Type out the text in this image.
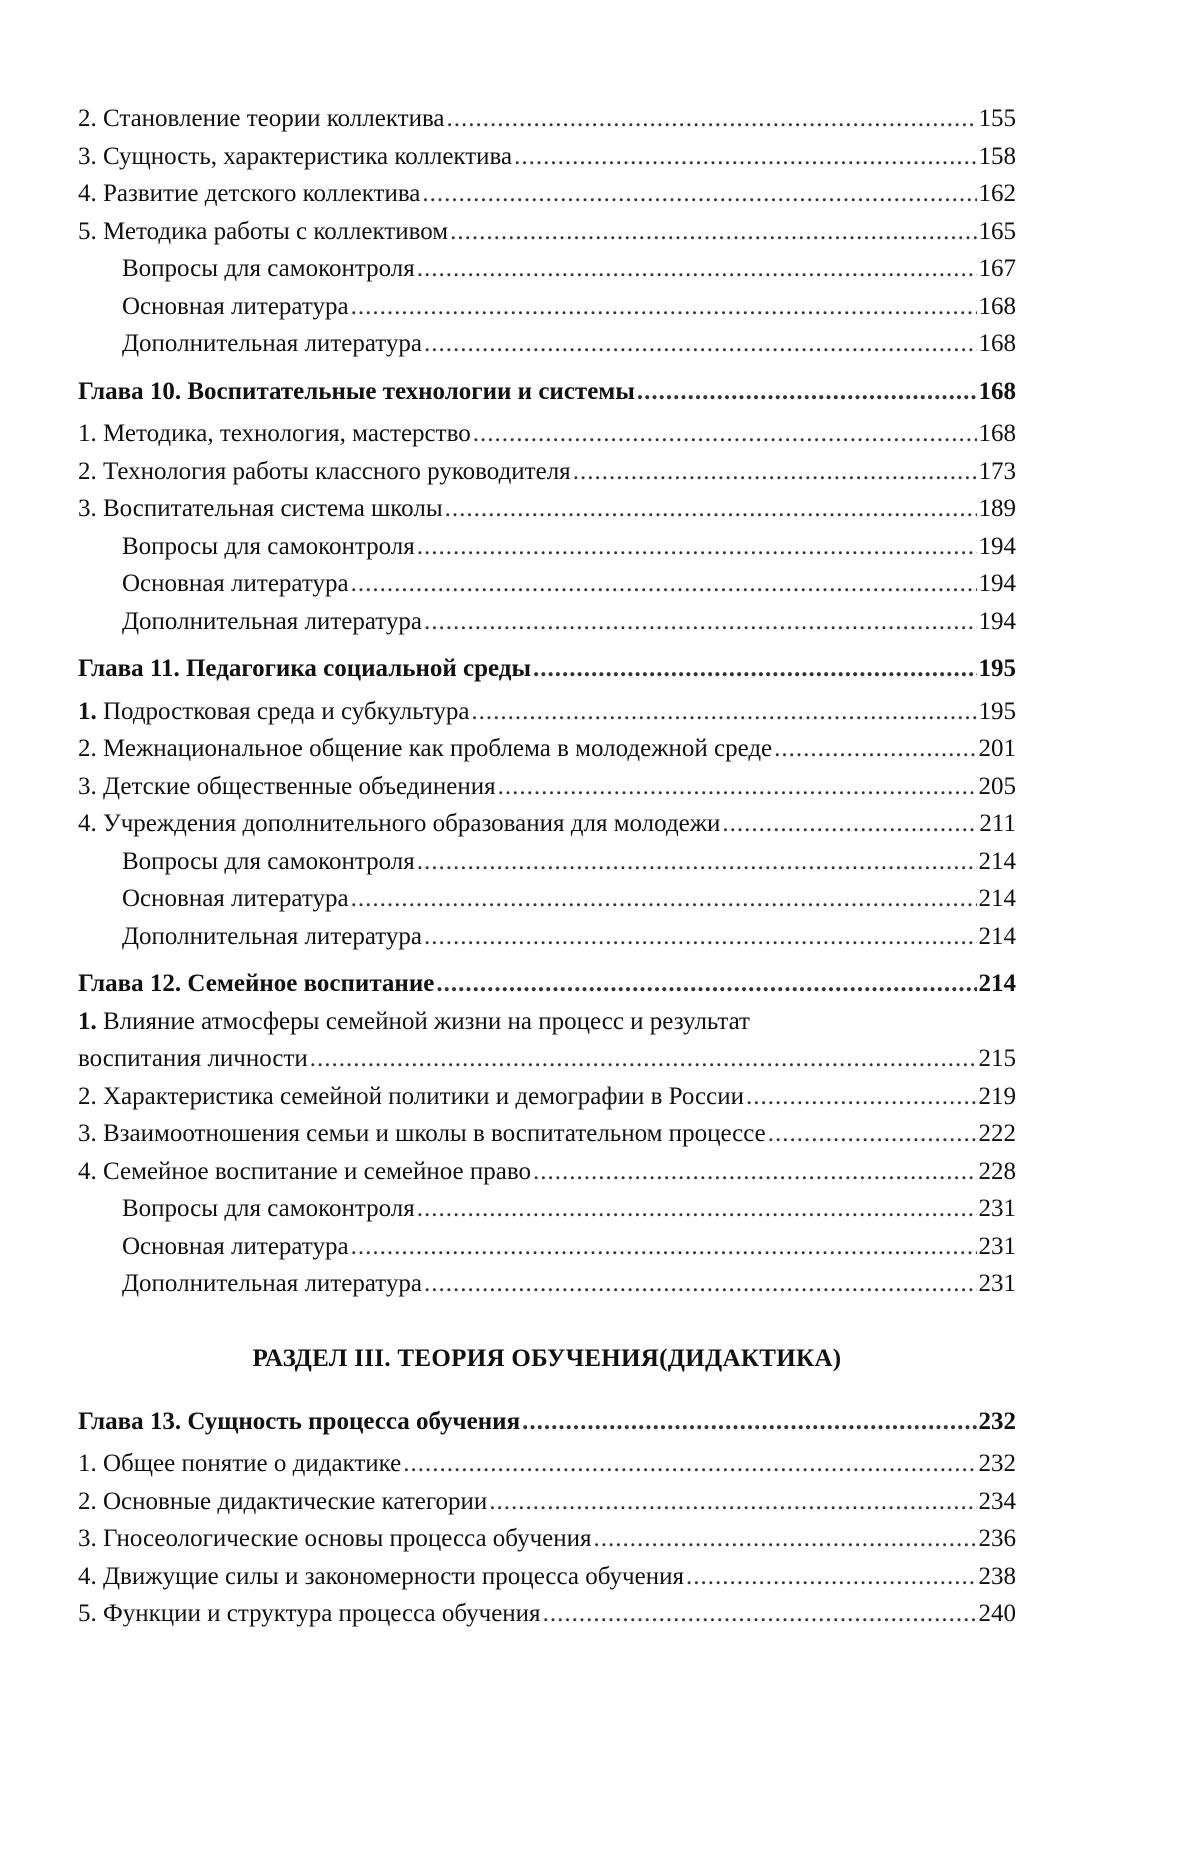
2. Становление теории коллектива .....	155
3. Сущность, характеристика коллектива .....	158
4. Развитие детского коллектива .....	162
5. Методика работы с коллективом .....	165
Вопросы для самоконтроля .....	167
Основная литература .....	168
Дополнительная литература .....	168
Глава 10. Воспитательные технологии и системы .....	168
1. Методика, технология, мастерство .....	168
2. Технология работы классного руководителя .....	173
3. Воспитательная система школы .....	189
Вопросы для самоконтроля .....	194
Основная литература .....	194
Дополнительная литература .....	194
Глава 11. Педагогика социальной среды .....	195
1. Подростковая среда и субкультура .....	195
2. Межнациональное общение как проблема в молодежной среде .....	201
3. Детские общественные объединения .....	205
4. Учреждения дополнительного образования для молодежи .....	211
Вопросы для самоконтроля .....	214
Основная литература .....	214
Дополнительная литература .....	214
Глава 12. Семейное воспитание .....	214
1. Влияние атмосферы семейной жизни на процесс и результат
воспитания личности .....	215
2. Характеристика семейной политики и демографии в России .....	219
3. Взаимоотношения семьи и школы в воспитательном процессе .....	222
4. Семейное воспитание и семейное право .....	228
Вопросы для самоконтроля .....	231
Основная литература .....	231
Дополнительная литература .....	231
РАЗДЕЛ III. ТЕОРИЯ ОБУЧЕНИЯ(ДИДАКТИКА)
Глава 13. Сущность процесса обучения .....	232
1. Общее понятие о дидактике .....	232
2. Основные дидактические категории .....	234
3. Гносеологические основы процесса обучения .....	236
4. Движущие силы и закономерности процесса обучения .....	238
5. Функции и структура процесса обучения .....	240
